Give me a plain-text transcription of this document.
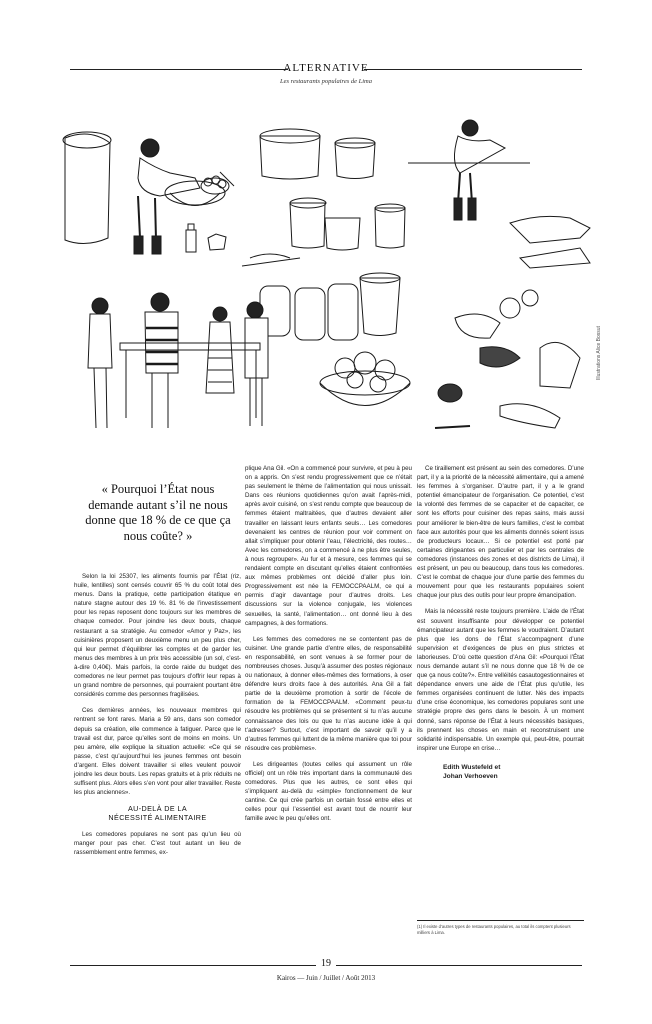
ALTERNATIVE
Les restaurants populaires de Lima
Illustrations Alice Bossut
« Pourquoi l’État nous demande autant s’il ne nous donne que 18 % de ce que ça nous coûte? »

Selon la loi 25307, les aliments fournis par l’État (riz, huile, lentilles) sont censés couvrir 65 % du coût total des menus. Dans la pratique, cette participation étatique en nature stagne autour des 19 %. 81 % de l’investissement pour les repas reposent donc toujours sur les membres de chaque comedor. Pour joindre les deux bouts, chaque restaurant a sa stratégie. Au comedor «Amor y Paz», les cuisinières proposent un deuxième menu un peu plus cher, qui leur permet d’équilibrer les comptes et de garder les menus des membres à un prix très accessible (un sol, c’est-à-dire 0,40€). Mais parfois, la corde raide du budget des comedores ne leur permet pas toujours d’offrir leur repas à un grand nombre de personnes, qui pourraient pourtant être considérés comme des personnes fragilisées.

Ces dernières années, les nouveaux membres qui rentrent se font rares. Maria a 59 ans, dans son comedor depuis sa création, elle commence à fatiguer. Parce que le travail est dur, parce qu’elles sont de moins en moins. Un peu amère, elle explique la situation actuelle: «Ce qui se passe, c’est qu’aujourd’hui les jeunes femmes ont besoin d’argent. Elles doivent travailler si elles veulent pouvoir joindre les deux bouts. Les repas gratuits et à prix réduits ne suffisent plus. Alors elles s’en vont pour aller travailler. Reste les plus anciennes».

AU-DELÀ DE LA
NÉCESSITÉ ALIMENTAIRE

Les comedores populares ne sont pas qu’un lieu où manger pour pas cher. C’est tout autant un lieu de rassemblement entre femmes, ex-

plique Ana Gil. «On a commencé pour survivre, et peu à peu on a appris. On s’est rendu progressivement que ce n’était pas seulement le thème de l’alimentation qui nous unissait. Dans ces réunions quotidiennes qu’on avait l’après-midi, après avoir cuisiné, on s’est rendu compte que beaucoup de femmes étaient maltraitées, que d’autres devaient aller travailler en laissant leurs enfants seuls… Les comedores devenaient les centres de réunion pour voir comment on allait s’impliquer pour obtenir l’eau, l’électricité, des routes… Avec les comedores, on a commencé à ne plus être seules, à nous regrouper». Au fur et à mesure, ces femmes qui se rendaient compte en discutant qu’elles étaient confrontées aux mêmes problèmes ont décidé d’aller plus loin. Progressivement est née la FEMOCCPAALM, ce qui a permis d’agir davantage pour d’autres droits. Les discussions sur la violence conjugale, les violences sexuelles, la santé, l’alimentation… ont donné lieu à des campagnes, à des formations.

Les femmes des comedores ne se contentent pas de cuisiner. Une grande partie d’entre elles, de responsabilité en responsabilité, en sont venues à se former pour de nombreuses choses. Jusqu’à assumer des postes régionaux ou nationaux, à donner elles-mêmes des formations, à oser défendre leurs droits face à des autorités. Ana Gil a fait partie de la deuxième promotion à sortir de l’école de formation de la FEMOCCPAALM. «Comment peux-tu résoudre les problèmes qui se présentent si tu n’as aucune connaissance des lois ou que tu n’as aucune idée à qui t’adresser? Surtout, c’est important de savoir qu’il y a d’autres femmes qui luttent de la même manière que toi pour résoudre ces problèmes».

Les dirigeantes (toutes celles qui assument un rôle officiel) ont un rôle très important dans la communauté des comedores. Plus que les autres, ce sont elles qui s’impliquent au-delà du «simple» fonctionnement de leur cantine. Ce qui crée parfois un certain fossé entre elles et celles pour qui l’essentiel est avant tout de nourrir leur famille avec le peu qu’elles ont.

Ce tiraillement est présent au sein des comedores. D’une part, il y a la priorité de la nécessité alimentaire, qui a amené les femmes à s’organiser. D’autre part, il y a le grand potentiel émancipateur de l’organisation. Ce potentiel, c’est la volonté des femmes de se capaciter et de capaciter, ce sont les efforts pour cuisiner des repas sains, mais aussi pour améliorer le bien-être de leurs familles, c’est le combat face aux autorités pour que les aliments donnés soient issus de producteurs locaux… Si ce potentiel est porté par certaines dirigeantes en particulier et par les centrales de comedores (instances des zones et des districts de Lima), il est présent, un peu ou beaucoup, dans tous les comedores. C’est le combat de chaque jour d’une partie des femmes du mouvement pour que les restaurants populaires soient chaque jour plus des outils pour leur propre émancipation.

Mais la nécessité reste toujours première. L’aide de l’État est souvent insuffisante pour développer ce potentiel émancipateur autant que les femmes le voudraient. D’autant plus que les dons de l’État s’accompagnent d’une supervision et d’exigences de plus en plus strictes et laborieuses. D’où cette question d’Ana Gil: «Pourquoi l’État nous demande autant s’il ne nous donne que 18 % de ce que ça nous coûte?». Entre velléités casautogestionnaires et dépendance envers une aide de l’État plus qu’utile, les femmes organisées continuent de lutter. Nés des impacts d’une crise économique, les comedores populares sont une stratégie propre des gens dans le besoin. À un moment donné, sans réponse de l’État à leurs nécessités basiques, ils prennent les choses en main et reconstruisent une solidarité indispensable. Un exemple qui, peut-être, pourrait inspirer une Europe en crise…

Edith Wustefeld et
Johan Verhoeven
(1) Il existe d’autres types de restaurants populaires, au total ils comptent plusieurs milliers à Lima.
19
Kairos — Juin / Juillet / Août 2013
